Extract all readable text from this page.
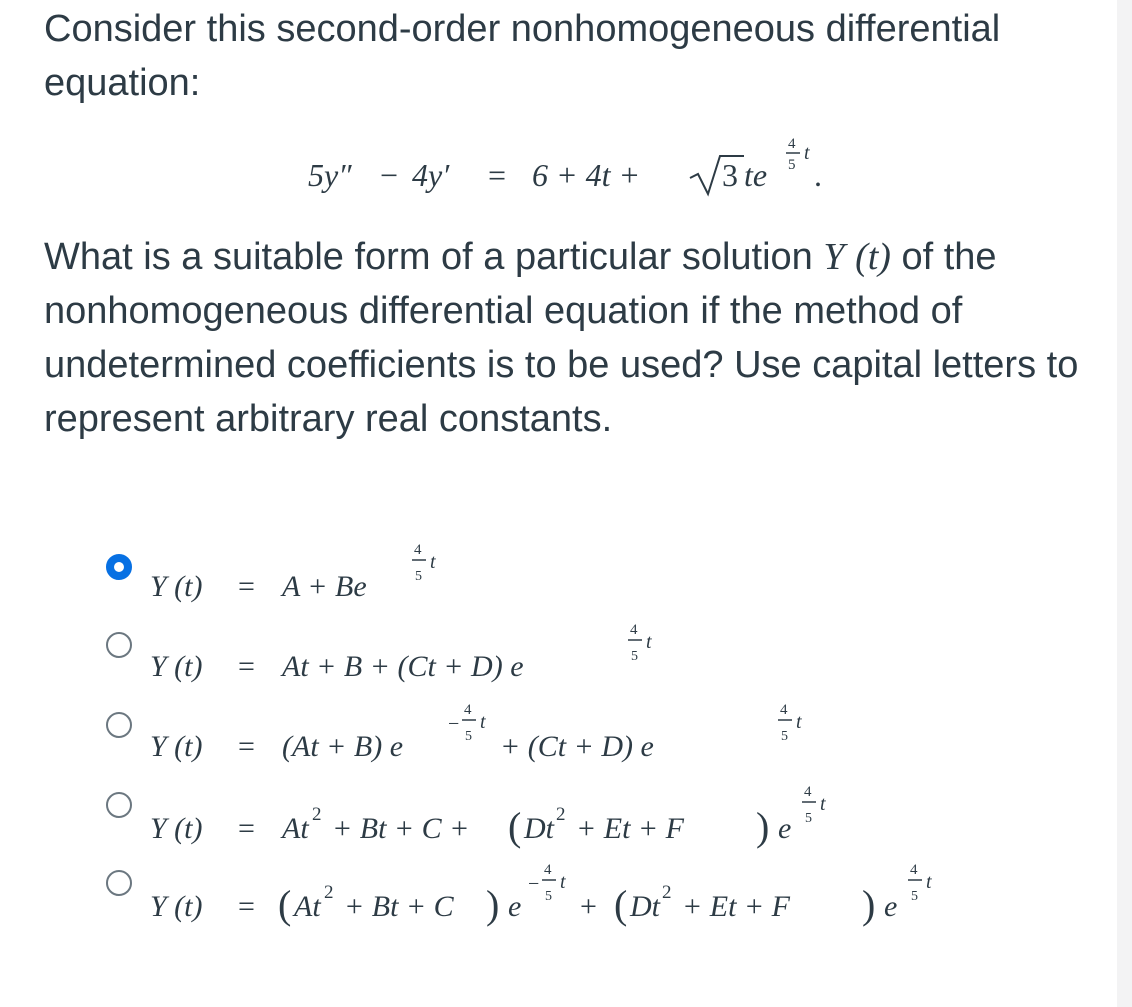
Consider this second-order nonhomogeneous differential equation:

5y″ − 4y′ = 6 + 4t +	3 te
4
5
t
.

What is a suitable form of a particular solution Y (t) of the nonhomogeneous differential equation if the method of undetermined coefficients is to be used? Use capital letters to represent arbitrary real constants.

Y (t) = A + Be
4
5
t
Y (t) = At + B + (Ct + D) e
4
5
t
Y (t) = (At + B) e
−
4
5
t
+ (Ct + D) e
4
5
t
Y (t) = At 2 + Bt + C + ( Dt 2 + Et + F ) e
4
5
t
Y (t) = ( At 2 + Bt + C ) e
−
4
5
t
+ ( Dt 2 + Et + F ) e
4
5
t
